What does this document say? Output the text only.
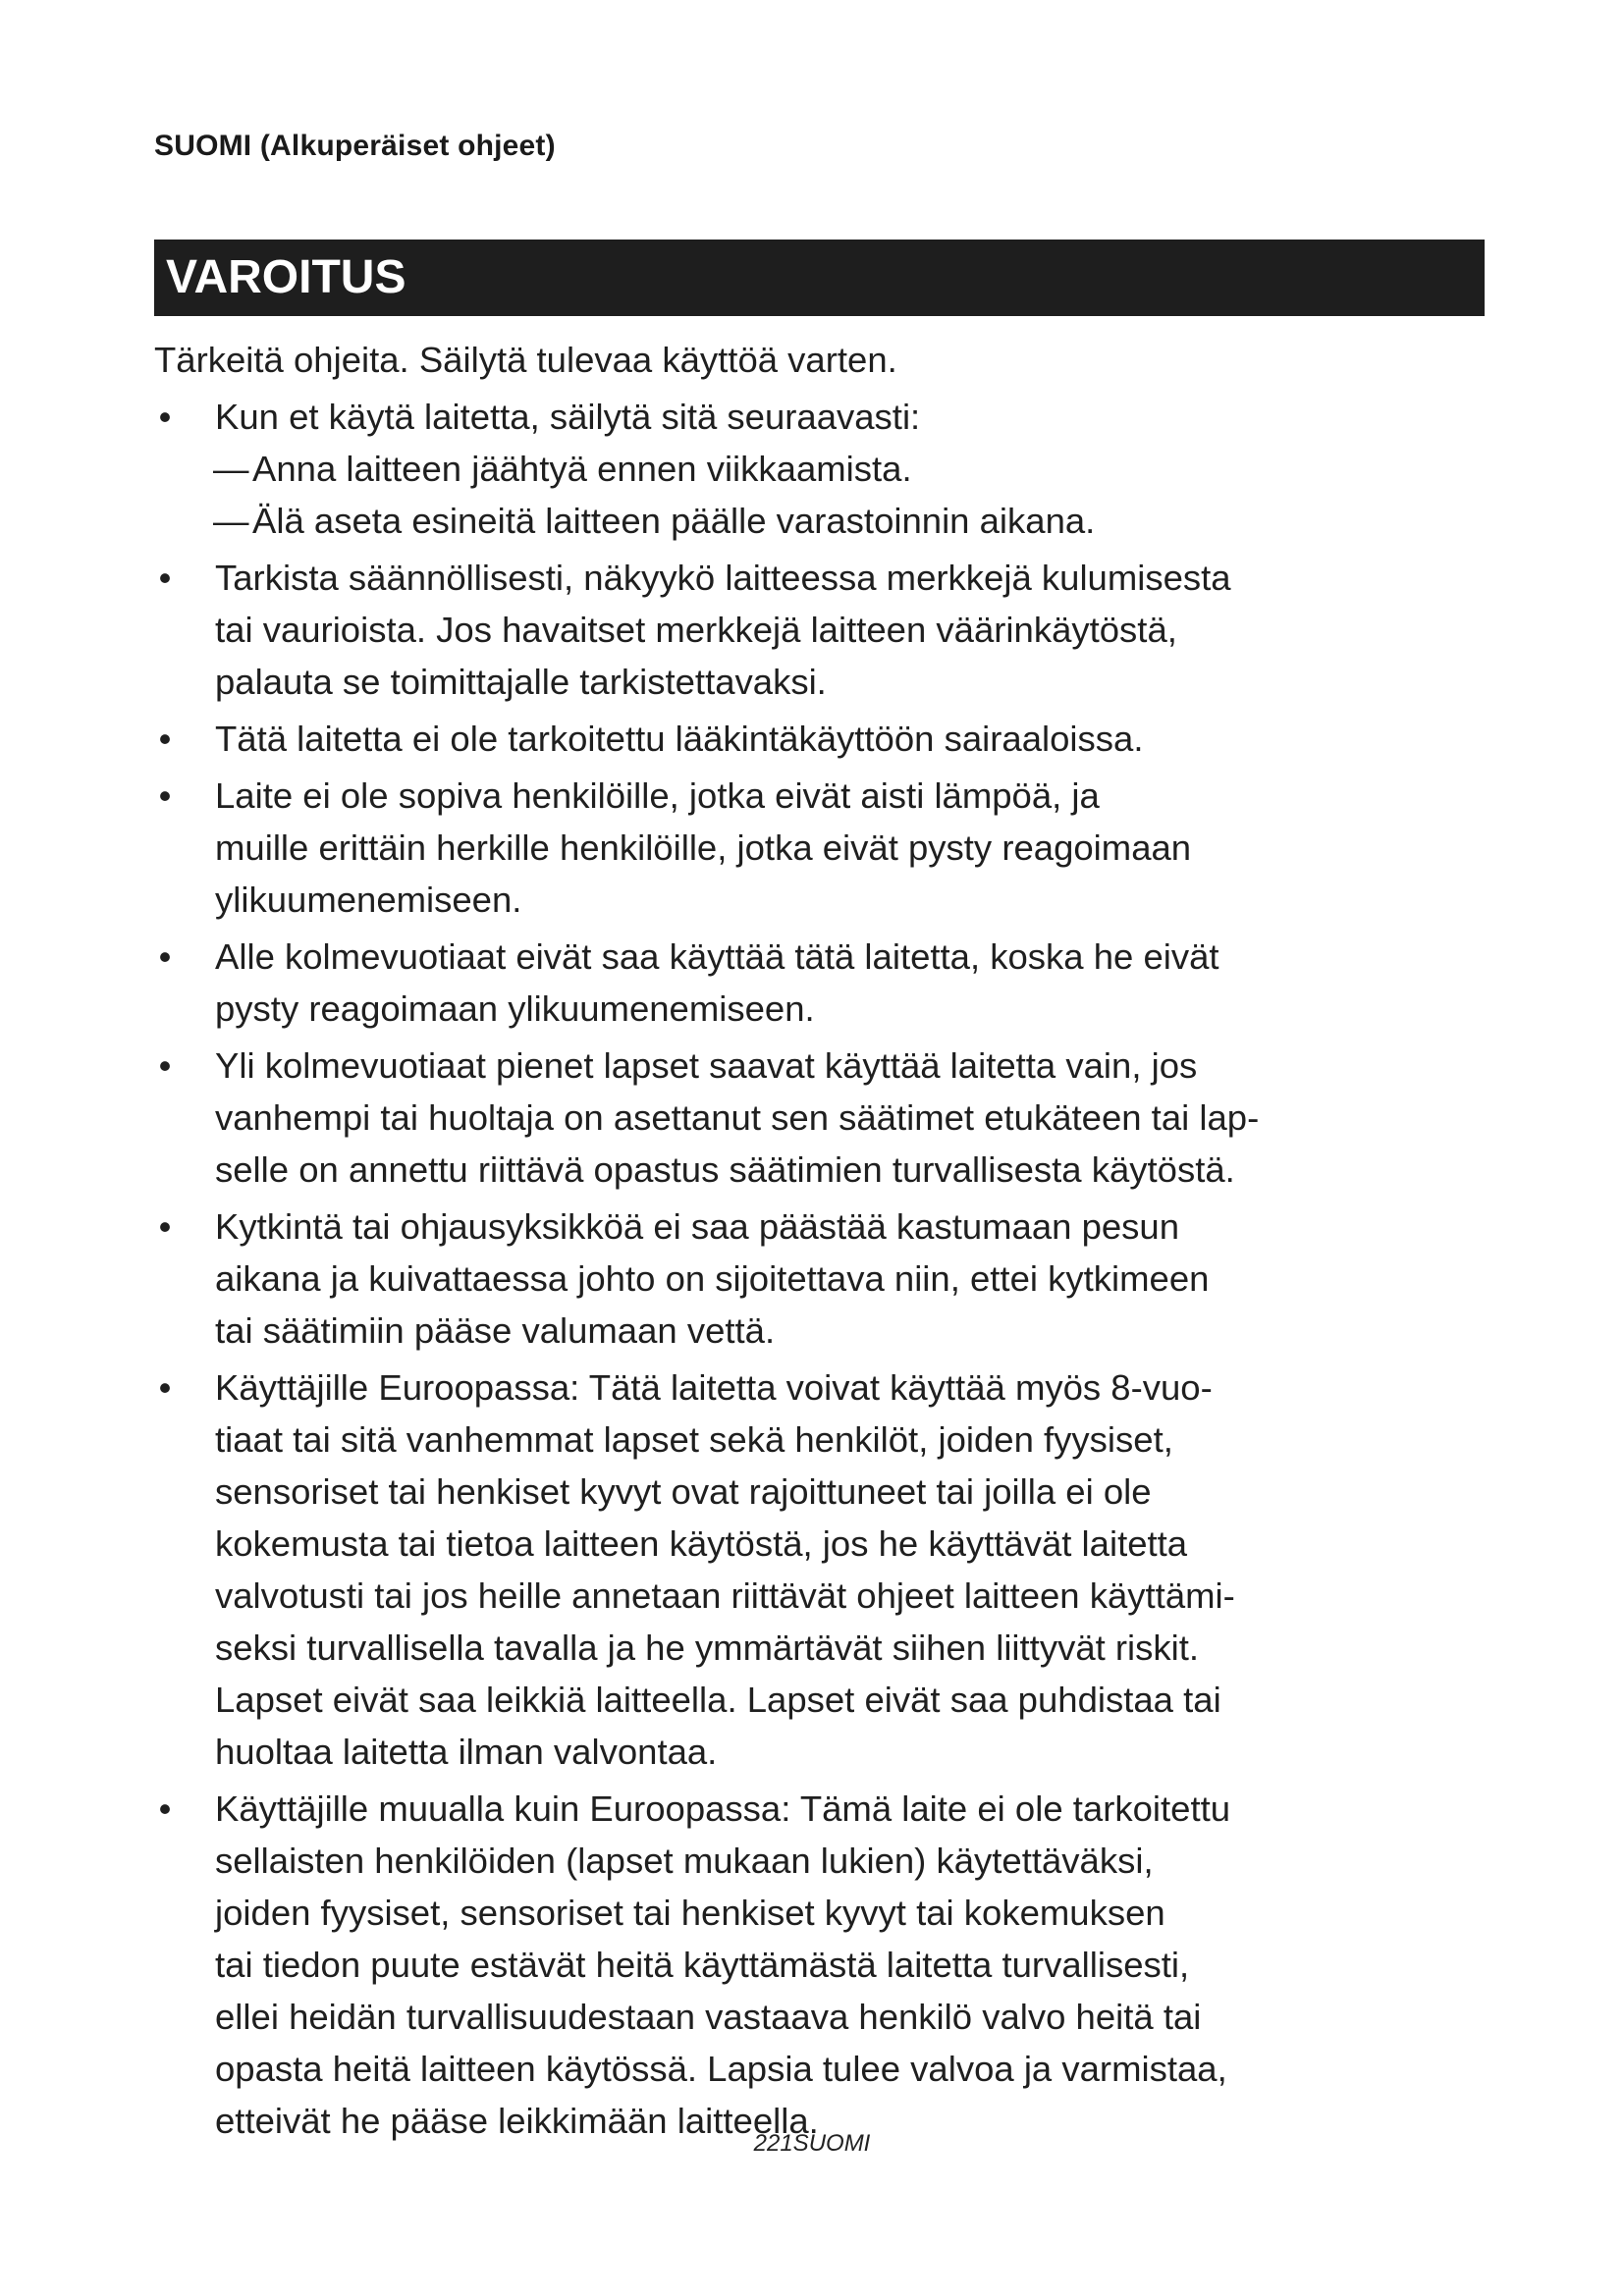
SUOMI (Alkuperäiset ohjeet)
VAROITUS
Tärkeitä ohjeita. Säilytä tulevaa käyttöä varten.
• Kun et käytä laitetta, säilytä sitä seuraavasti:
— Anna laitteen jäähtyä ennen viikkaamista.
— Älä aseta esineitä laitteen päälle varastoinnin aikana.
• Tarkista säännöllisesti, näkyykö laitteessa merkkejä kulumisesta
tai vaurioista. Jos havaitset merkkejä laitteen väärinkäytöstä,
palauta se toimittajalle tarkistettavaksi.
• Tätä laitetta ei ole tarkoitettu lääkintäkäyttöön sairaaloissa.
• Laite ei ole sopiva henkilöille, jotka eivät aisti lämpöä, ja
muille erittäin herkille henkilöille, jotka eivät pysty reagoimaan
ylikuumenemiseen.
• Alle kolmevuotiaat eivät saa käyttää tätä laitetta, koska he eivät
pysty reagoimaan ylikuumenemiseen.
• Yli kolmevuotiaat pienet lapset saavat käyttää laitetta vain, jos
vanhempi tai huoltaja on asettanut sen säätimet etukäteen tai lap-
selle on annettu riittävä opastus säätimien turvallisesta käytöstä.
• Kytkintä tai ohjausyksikköä ei saa päästää kastumaan pesun
aikana ja kuivattaessa johto on sijoitettava niin, ettei kytkimeen
tai säätimiin pääse valumaan vettä.
• Käyttäjille Euroopassa: Tätä laitetta voivat käyttää myös 8-vuo-
tiaat tai sitä vanhemmat lapset sekä henkilöt, joiden fyysiset,
sensoriset tai henkiset kyvyt ovat rajoittuneet tai joilla ei ole
kokemusta tai tietoa laitteen käytöstä, jos he käyttävät laitetta
valvotusti tai jos heille annetaan riittävät ohjeet laitteen käyttämi-
seksi turvallisella tavalla ja he ymmärtävät siihen liittyvät riskit.
Lapset eivät saa leikkiä laitteella. Lapset eivät saa puhdistaa tai
huoltaa laitetta ilman valvontaa.
• Käyttäjille muualla kuin Euroopassa: Tämä laite ei ole tarkoitettu
sellaisten henkilöiden (lapset mukaan lukien) käytettäväksi,
joiden fyysiset, sensoriset tai henkiset kyvyt tai kokemuksen
tai tiedon puute estävät heitä käyttämästä laitetta turvallisesti,
ellei heidän turvallisuudestaan vastaava henkilö valvo heitä tai
opasta heitä laitteen käytössä. Lapsia tulee valvoa ja varmistaa,
etteivät he pääse leikkimään laitteella.
221SUOMI
